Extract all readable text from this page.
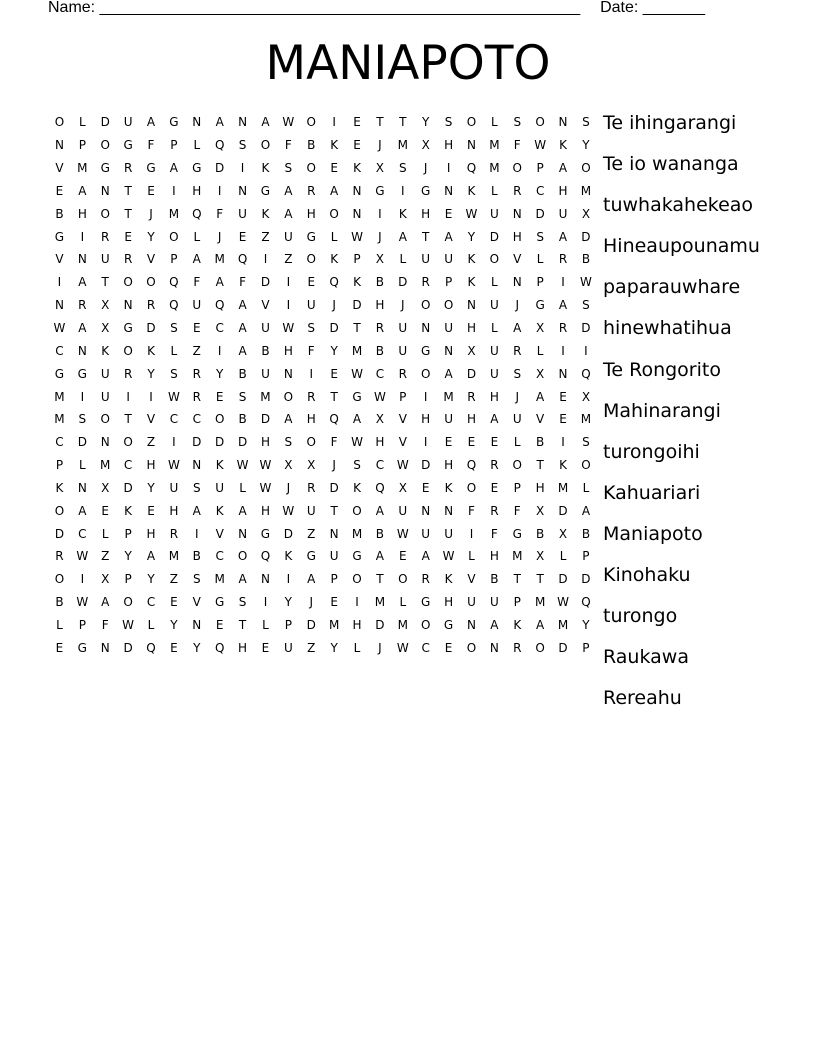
Name: ______________________________________________________ Date: _______
MANIAPOTO
O	L	D	U	A	G	N	A	N	A	W	O	I	E	T	T	Y	S	O	L	S	O	N	S
N	P	O	G	F	P	L	Q	S	O	F	B	K	E	J	M	X	H	N	M	F	W	K	Y
V	M	G	R	G	A	G	D	I	K	S	O	E	K	X	S	J	I	Q	M	O	P	A	O
E	A	N	T	E	I	H	I	N	G	A	R	A	N	G	I	G	N	K	L	R	C	H	M
B	H	O	T	J	M	Q	F	U	K	A	H	O	N	I	K	H	E	W	U	N	D	U	X
G	I	R	E	Y	O	L	J	E	Z	U	G	L	W	J	A	T	A	Y	D	H	S	A	D
V	N	U	R	V	P	A	M	Q	I	Z	O	K	P	X	L	U	U	K	O	V	L	R	B
I	A	T	O	O	Q	F	A	F	D	I	E	Q	K	B	D	R	P	K	L	N	P	I	W
N	R	X	N	R	Q	U	Q	A	V	I	U	J	D	H	J	O	O	N	U	J	G	A	S
W	A	X	G	D	S	E	C	A	U	W	S	D	T	R	U	N	U	H	L	A	X	R	D
C	N	K	O	K	L	Z	I	A	B	H	F	Y	M	B	U	G	N	X	U	R	L	I	I
G	G	U	R	Y	S	R	Y	B	U	N	I	E	W	C	R	O	A	D	U	S	X	N	Q
M	I	U	I	I	W	R	E	S	M	O	R	T	G	W	P	I	M	R	H	J	A	E	X
M	S	O	T	V	C	C	O	B	D	A	H	Q	A	X	V	H	U	H	A	U	V	E	M
C	D	N	O	Z	I	D	D	D	H	S	O	F	W	H	V	I	E	E	E	L	B	I	S
P	L	M	C	H	W	N	K	W W	X	X	J	S	C	W	D	H	Q	R	O	T	K	O
K	N	X	D	Y	U	S	U	L	W	J	R	D	K	Q	X	E	K	O	E	P	H	M	L
O	A	E	K	E	H	A	K	A	H	W	U	T	O	A	U	N	N	F	R	F	X	D	A
D	C	L	P	H	R	I	V	N	G	D	Z	N	M	B	W	U	U	I	F	G	B	X	B
R	W	Z	Y	A	M	B	C	O	Q	K	G	U	G	A	E	A	W	L	H	M	X	L	P
O	I	X	P	Y	Z	S	M	A	N	I	A	P	O	T	O	R	K	V	B	T	T	D	D
B	W	A	O	C	E	V	G	S	I	Y	J	E	I	M	L	G	H	U	U	P	M W	Q
L	P	F	W	L	Y	N	E	T	L	P	D	M	H	D	M	O	G	N	A	K	A	M	Y
E	G	N	D	Q	E	Y	Q	H	E	U	Z	Y	L	J	W	C	E	O	N	R	O	D	P
Te ihingarangi
Te io wananga
tuwhakahekeao
Hineaupounamu
paparauwhare
hinewhatihua
Te Rongorito
Mahinarangi
turongoihi
Kahuariari
Maniapoto
Kinohaku
turongo
Raukawa
Rereahu
